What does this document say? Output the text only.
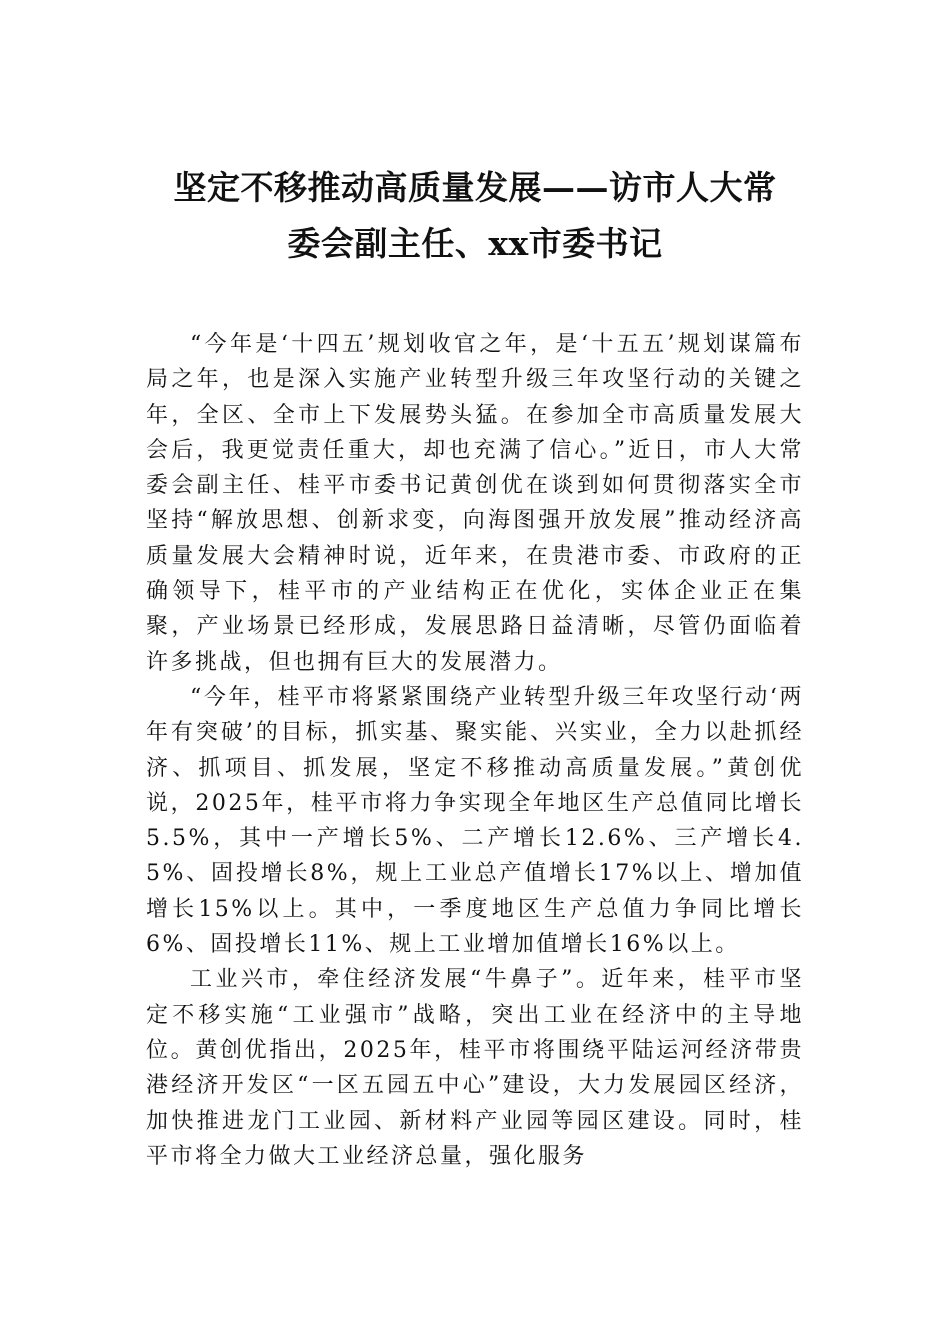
坚定不移推动高质量发展——访市人大常
委会副主任、xx市委书记

“今年是‘十四五’规划收官之年，是‘十五五’规划谋篇布局之年，也是深入实施产业转型升级三年攻坚行动的关键之年，全区、全市上下发展势头猛。在参加全市高质量发展大会后，我更觉责任重大，却也充满了信心。”近日，市人大常委会副主任、桂平市委书记黄创优在谈到如何贯彻落实全市坚持“解放思想、创新求变，向海图强开放发展”推动经济高质量发展大会精神时说，近年来，在贵港市委、市政府的正确领导下，桂平市的产业结构正在优化，实体企业正在集聚，产业场景已经形成，发展思路日益清晰，尽管仍面临着许多挑战，但也拥有巨大的发展潜力。

“今年，桂平市将紧紧围绕产业转型升级三年攻坚行动‘两年有突破’的目标，抓实基、聚实能、兴实业，全力以赴抓经济、抓项目、抓发展，坚定不移推动高质量发展。”黄创优说，2025年，桂平市将力争实现全年地区生产总值同比增长5.5%，其中一产增长5%、二产增长12.6%、三产增长4.5%、固投增长8%，规上工业总产值增长17%以上、增加值增长15%以上。其中，一季度地区生产总值力争同比增长6%、固投增长11%、规上工业增加值增长16%以上。

工业兴市，牵住经济发展“牛鼻子”。近年来，桂平市坚定不移实施“工业强市”战略，突出工业在经济中的主导地位。黄创优指出，2025年，桂平市将围绕平陆运河经济带贵港经济开发区“一区五园五中心”建设，大力发展园区经济，加快推进龙门工业园、新材料产业园等园区建设。同时，桂平市将全力做大工业经济总量，强化服务
